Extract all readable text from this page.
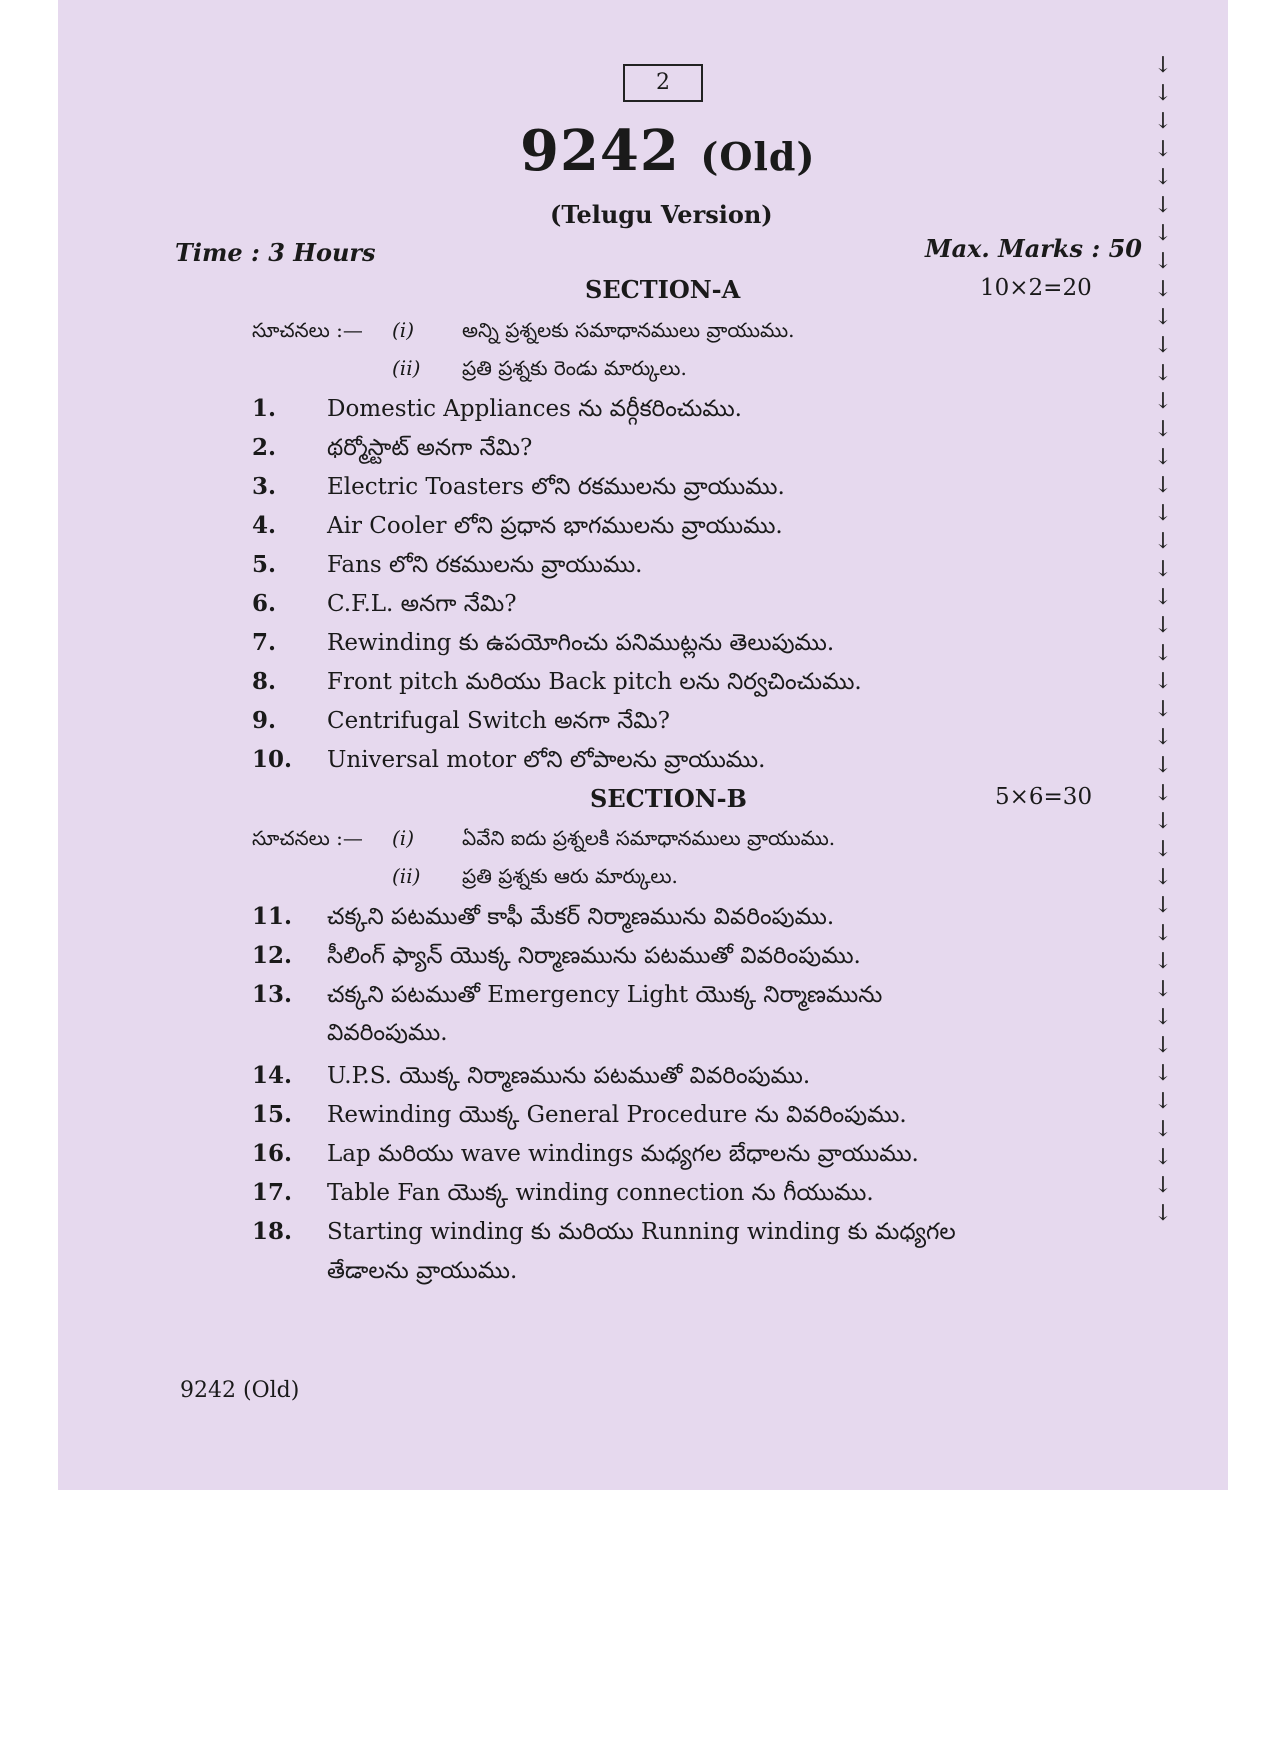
2
9242 (Old)
(Telugu Version)
Time : 3 Hours	Max. Marks : 50
SECTION-A	10×2=20
సూచనలు :— (i) అన్ని ప్రశ్నలకు సమాధానములు వ్రాయుము.
(ii) ప్రతి ప్రశ్నకు రెండు మార్కులు.
1. Domestic Appliances ను వర్గీకరించుము.
2. థర్మోస్టాట్ అనగా నేమి?
3. Electric Toasters లోని రకములను వ్రాయుము.
4. Air Cooler లోని ప్రధాన భాగములను వ్రాయుము.
5. Fans లోని రకములను వ్రాయుము.
6. C.F.L. అనగా నేమి?
7. Rewinding కు ఉపయోగించు పనిముట్లను తెలుపుము.
8. Front pitch మరియు Back pitch లను నిర్వచించుము.
9. Centrifugal Switch అనగా నేమి?
10. Universal motor లోని లోపాలను వ్రాయుము.
SECTION-B	5×6=30
సూచనలు :— (i) ఏవేని ఐదు ప్రశ్నలకి సమాధానములు వ్రాయుము.
(ii) ప్రతి ప్రశ్నకు ఆరు మార్కులు.
11. చక్కని పటముతో కాఫీ మేకర్ నిర్మాణమును వివరింపుము.
12. సీలింగ్ ఫ్యాన్ యొక్క నిర్మాణమును పటముతో వివరింపుము.
13. చక్కని పటముతో Emergency Light యొక్క నిర్మాణమును
వివరింపుము.
14. U.P.S. యొక్క నిర్మాణమును పటముతో వివరింపుము.
15. Rewinding యొక్క General Procedure ను వివరింపుము.
16. Lap మరియు wave windings మధ్యగల బేధాలను వ్రాయుము.
17. Table Fan యొక్క winding connection ను గీయుము.
18. Starting winding కు మరియు Running winding కు మధ్యగల
తేడాలను వ్రాయుము.
9242 (Old)
↓
↓
↓
↓
↓
↓
↓
↓
↓
↓
↓
↓
↓
↓
↓
↓
↓
↓
↓
↓
↓
↓
↓
↓
↓
↓
↓
↓
↓
↓
↓
↓
↓
↓
↓
↓
↓
↓
↓
↓
↓
↓
